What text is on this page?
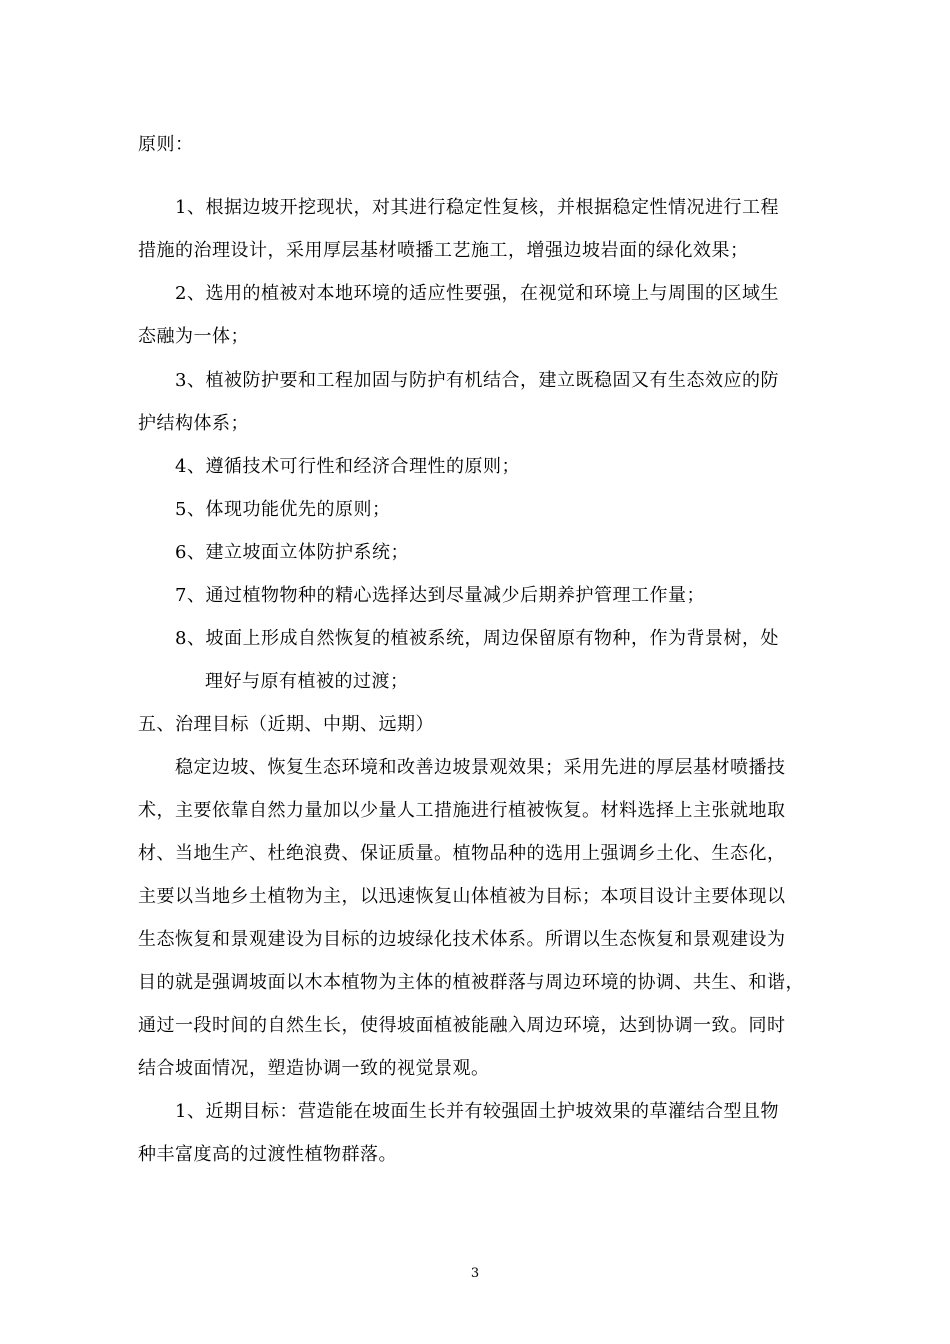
原则：
1、根据边坡开挖现状，对其进行稳定性复核，并根据稳定性情况进行工程
措施的治理设计，采用厚层基材喷播工艺施工，增强边坡岩面的绿化效果；
2、选用的植被对本地环境的适应性要强，在视觉和环境上与周围的区域生
态融为一体；
3、植被防护要和工程加固与防护有机结合，建立既稳固又有生态效应的防
护结构体系；
4、遵循技术可行性和经济合理性的原则；
5、体现功能优先的原则；
6、建立坡面立体防护系统；
7、通过植物物种的精心选择达到尽量减少后期养护管理工作量；
8、坡面上形成自然恢复的植被系统，周边保留原有物种，作为背景树，处
理好与原有植被的过渡；
五、治理目标（近期、中期、远期）
稳定边坡、恢复生态环境和改善边坡景观效果；采用先进的厚层基材喷播技
术，主要依靠自然力量加以少量人工措施进行植被恢复。材料选择上主张就地取
材、当地生产、杜绝浪费、保证质量。植物品种的选用上强调乡土化、生态化，
主要以当地乡土植物为主，以迅速恢复山体植被为目标；本项目设计主要体现以
生态恢复和景观建设为目标的边坡绿化技术体系。所谓以生态恢复和景观建设为
目的就是强调坡面以木本植物为主体的植被群落与周边环境的协调、共生、和谐，
通过一段时间的自然生长，使得坡面植被能融入周边环境，达到协调一致。同时
结合坡面情况，塑造协调一致的视觉景观。
1、近期目标：营造能在坡面生长并有较强固土护坡效果的草灌结合型且物
种丰富度高的过渡性植物群落。
3
